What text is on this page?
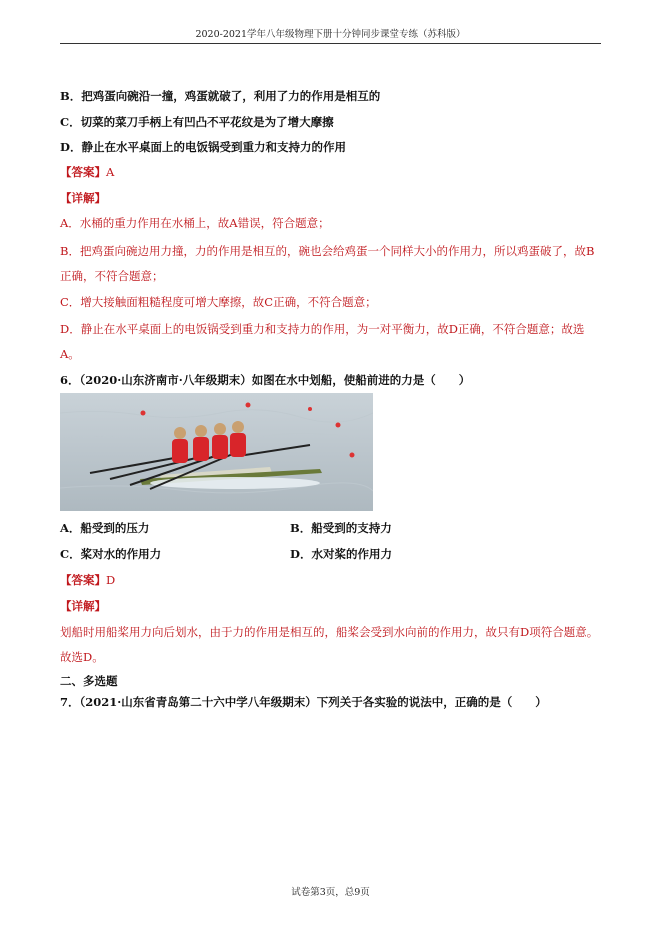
2020-2021学年八年级物理下册十分钟同步课堂专练（苏科版）
B．把鸡蛋向碗沿一撞，鸡蛋就破了，利用了力的作用是相互的
C．切菜的菜刀手柄上有凹凸不平花纹是为了增大摩擦
D．静止在水平桌面上的电饭锅受到重力和支持力的作用
【答案】A
【详解】
A．水桶的重力作用在水桶上，故A错误，符合题意；
B．把鸡蛋向碗边用力撞，力的作用是相互的，碗也会给鸡蛋一个同样大小的作用力，所以鸡蛋破了，故B
正确，不符合题意；
C．增大接触面粗糙程度可增大摩擦，故C正确，不符合题意；
D．静止在水平桌面上的电饭锅受到重力和支持力的作用，为一对平衡力，故D正确，不符合题意；故选
A。
6．（2020·山东济南市·八年级期末）如图在水中划船，使船前进的力是（　　）
A．船受到的压力	B．船受到的支持力
C．桨对水的作用力	D．水对桨的作用力
【答案】D
【详解】
划船时用船桨用力向后划水，由于力的作用是相互的，船桨会受到水向前的作用力，故只有D项符合题意。
故选D。
二、多选题
7．（2021·山东省青岛第二十六中学八年级期末）下列关于各实验的说法中，正确的是（　　）
试卷第3页，总9页
